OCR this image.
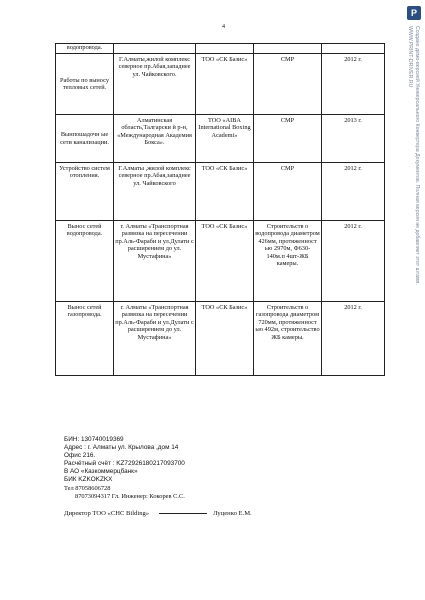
4
водопровода.				
Работы по выносу тепловых сетей.	Г.Алматы,жилой комплекс северное пр.Абая,западнее ул. Чайковского.	ТОО «СК Базис»	СМР	2012 г.
Вынпошадочн ые сети канализации.	Алматинская область,Талгарски й р-н, «Международная Академия Бокса».	ТОО «AIBA International Boxing Academi»	СМР	2013 г.
Устройство систем отопления.	Г.Алматы ,жилой комплекс северное пр.Абая,западнее ул. Чайковского	ТОО «СК Базис»	СМР	2012 г.
Вынос сетей водопровода.	г. Алматы «Транспортная развязка на пересечении пр.Аль-Фараби и ул.Дулати с расширением до ул. Мустафина»	ТОО «СК Базис»	Строительств о водопровода диаметром 426мм, протяженност ью 2970м, Ф630- 140м.п 4шт-ЖБ камеры.	2012 г.
Вынос сетей газопровода.	г. Алматы «Транспортная развязка на пересечении пр.Аль-Фараби и ул.Дулати с расширением до ул. Мустафина»	ТОО «СК Базис»	Строительств о газопровода диаметром 720мм, протяженност ью 492м, строительство ЖБ камеры.	2012 г.
БИН: 130740019369
Адрес : г. Алматы ул. Крылова ,дом 14
Офис 216.
Расчётный счёт : KZ72926180217093700
В АО «Казкоммерцбанк»
БИК KZKOKZKX
Тел 87058606728
87073094317 Гл. Инженер: Кокорев С.С.
Директор ТОО «СНС Bilding»	Луценко Е.М.
P
Создано демо-версией Универсального Конвертера Документов. Полная версия не добавляет этот штамп.
WWW.PRINT-DRIVER.RU
